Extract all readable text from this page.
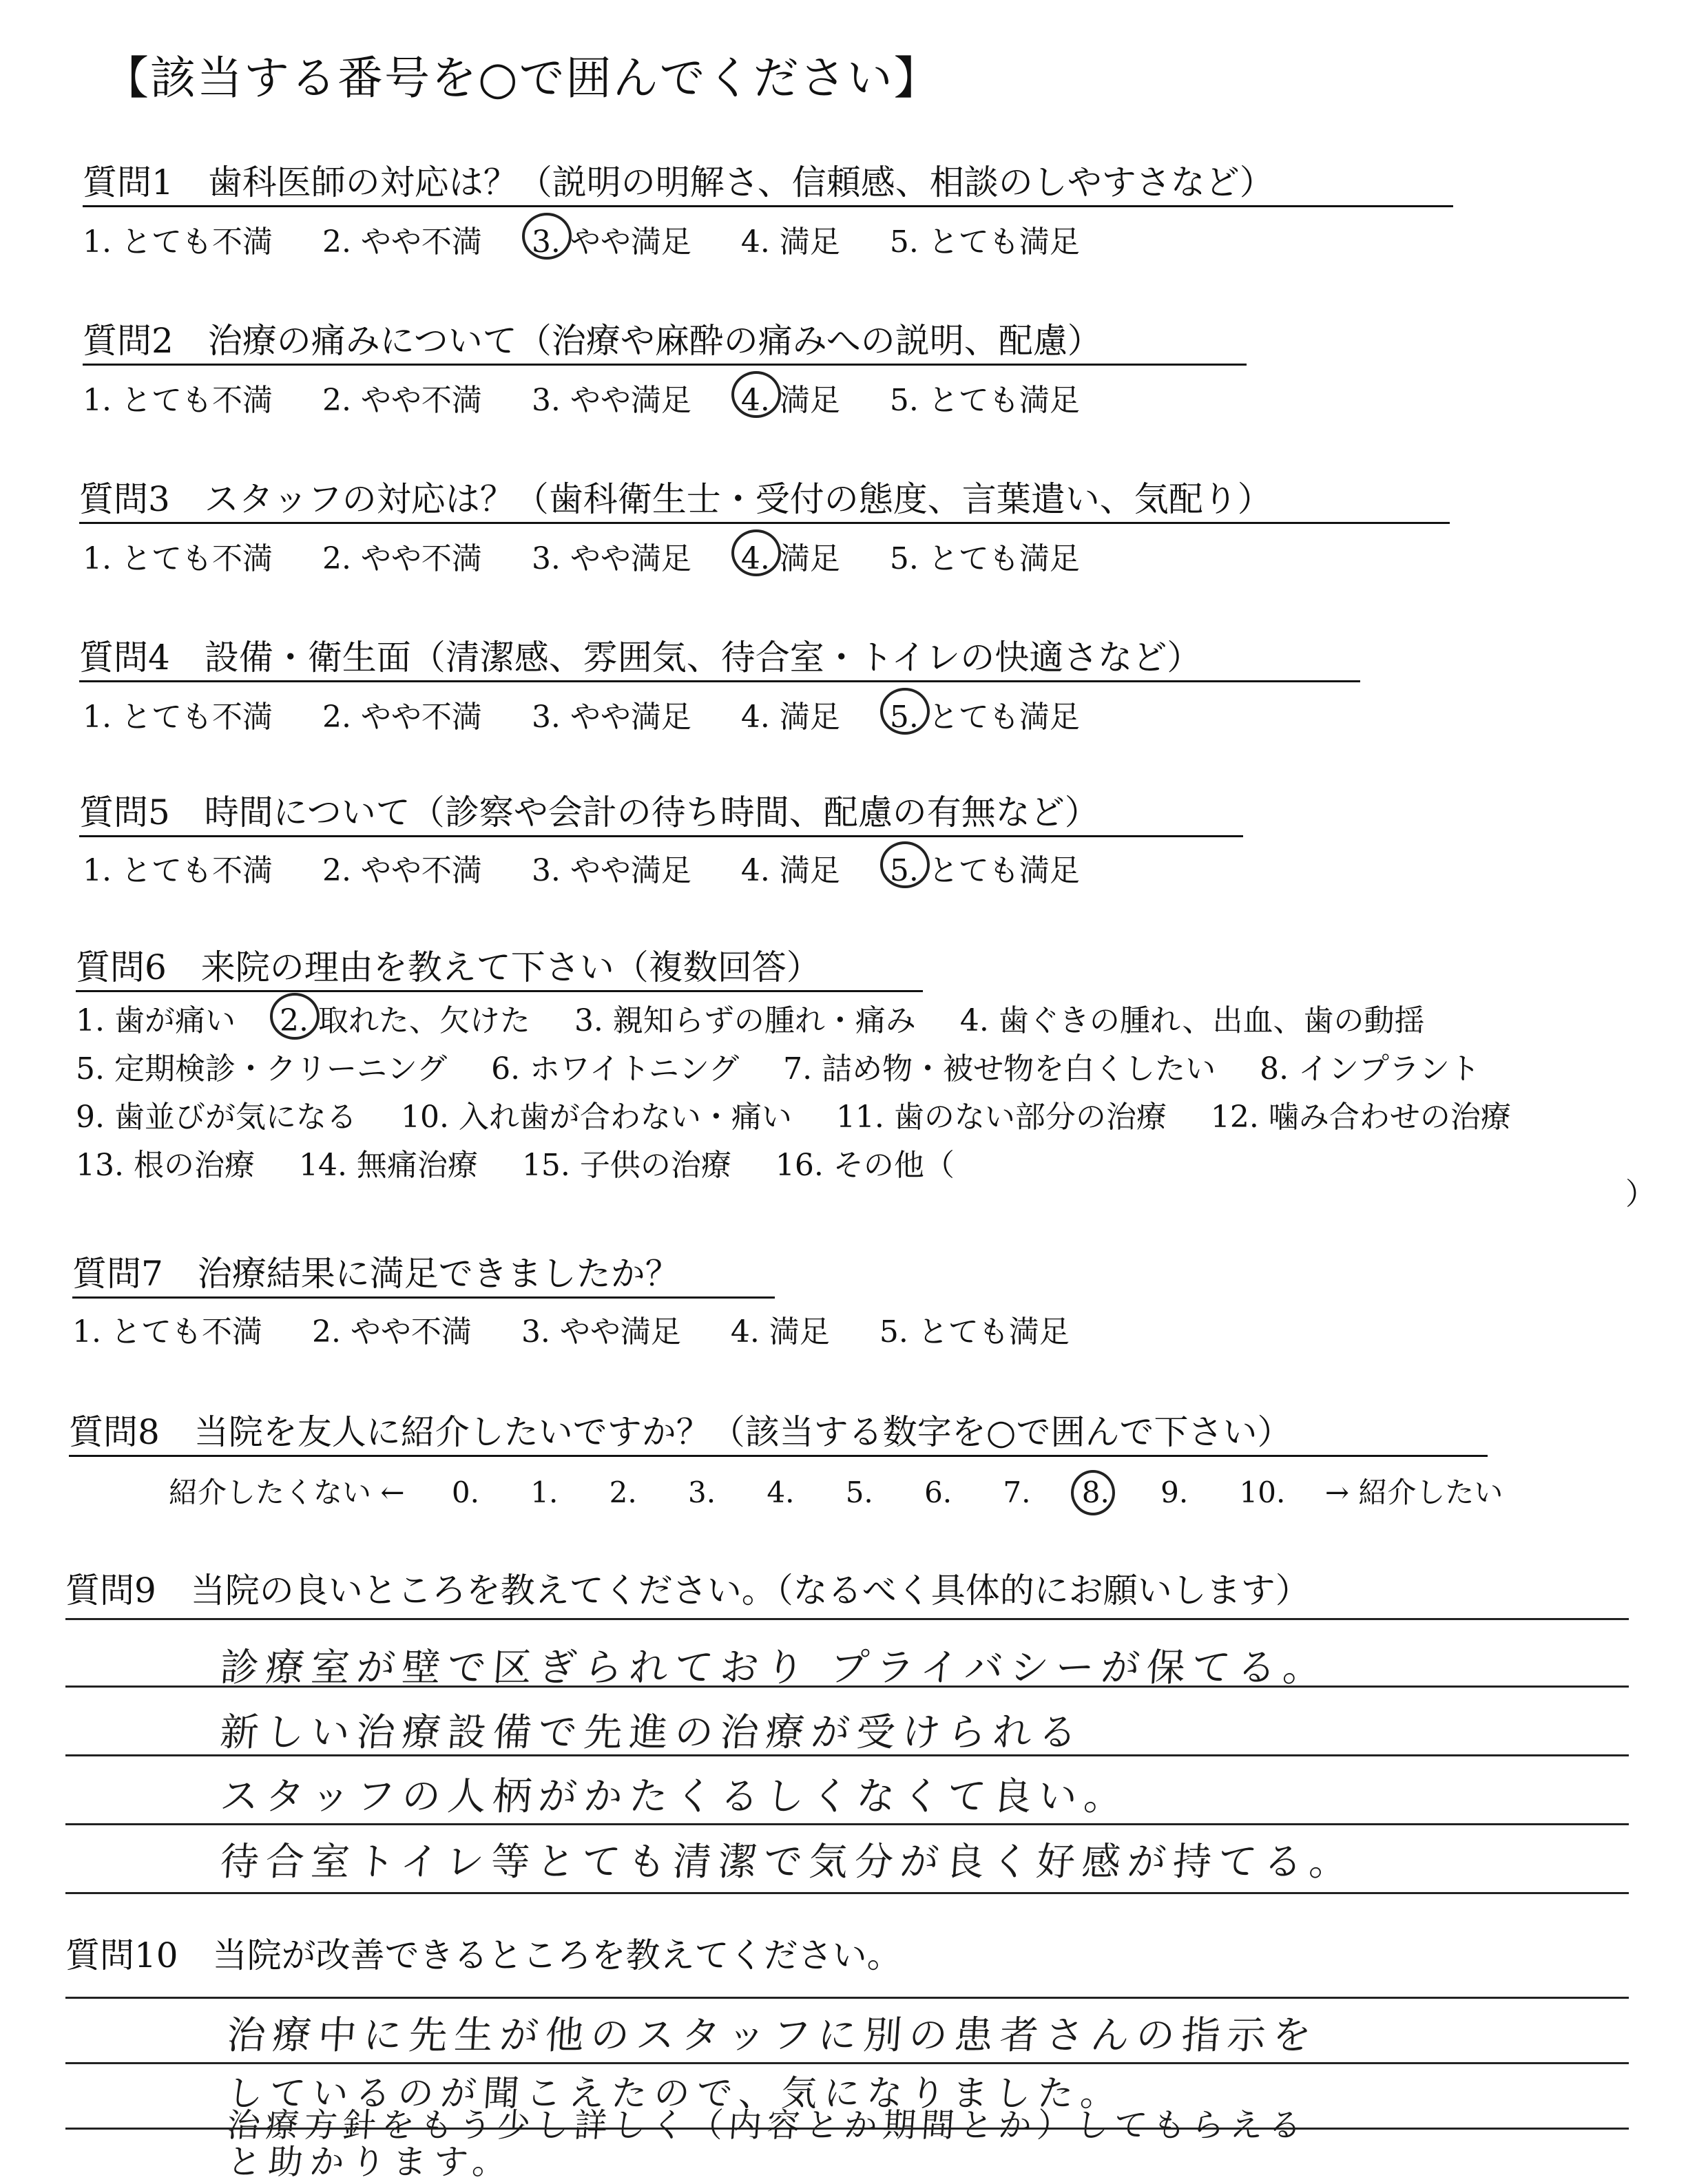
【該当する番号を○で囲んでください】
質問1　歯科医師の対応は？（説明の明解さ、信頼感、相談のしやすさなど）
1. とても不満 2. やや不満 3. やや満足 4. 満足 5. とても満足
質問2　治療の痛みについて（治療や麻酔の痛みへの説明、配慮）
1. とても不満 2. やや不満 3. やや満足 4. 満足 5. とても満足
質問3　スタッフの対応は？（歯科衛生士・受付の態度、言葉遣い、気配り）
1. とても不満 2. やや不満 3. やや満足 4. 満足 5. とても満足
質問4　設備・衛生面（清潔感、雰囲気、待合室・トイレの快適さなど）
1. とても不満 2. やや不満 3. やや満足 4. 満足 5. とても満足
質問5　時間について（診察や会計の待ち時間、配慮の有無など）
1. とても不満 2. やや不満 3. やや満足 4. 満足 5. とても満足
質問6　来院の理由を教えて下さい（複数回答）
1. 歯が痛い 2. 取れた、欠けた 3. 親知らずの腫れ・痛み 4. 歯ぐきの腫れ、出血、歯の動揺
5. 定期検診・クリーニング 6. ホワイトニング 7. 詰め物・被せ物を白くしたい 8. インプラント
9. 歯並びが気になる 10. 入れ歯が合わない・痛い 11. 歯のない部分の治療 12. 噛み合わせの治療
13. 根の治療 14. 無痛治療 15. 子供の治療 16. その他（
）
質問7　治療結果に満足できましたか？
1. とても不満 2. やや不満 3. やや満足 4. 満足 5. とても満足
質問8　当院を友人に紹介したいですか？（該当する数字を○で囲んで下さい）
紹介したくない ← 0. 1. 2. 3. 4. 5. 6. 7. 8. 9. 10. → 紹介したい
質問9　当院の良いところを教えてください。（なるべく具体的にお願いします）
診療室が壁で区ぎられており プライバシーが保てる。
新しい治療設備で先進の治療が受けられる
スタッフの人柄がかたくるしくなくて良い。
待合室トイレ等とても清潔で気分が良く好感が持てる。
質問10　当院が改善できるところを教えてください。
治療中に先生が他のスタッフに別の患者さんの指示を
しているのが聞こえたので、気になりました。
治療方針をもう少し詳しく（内容とか期間とか）してもらえる
と助かります。
